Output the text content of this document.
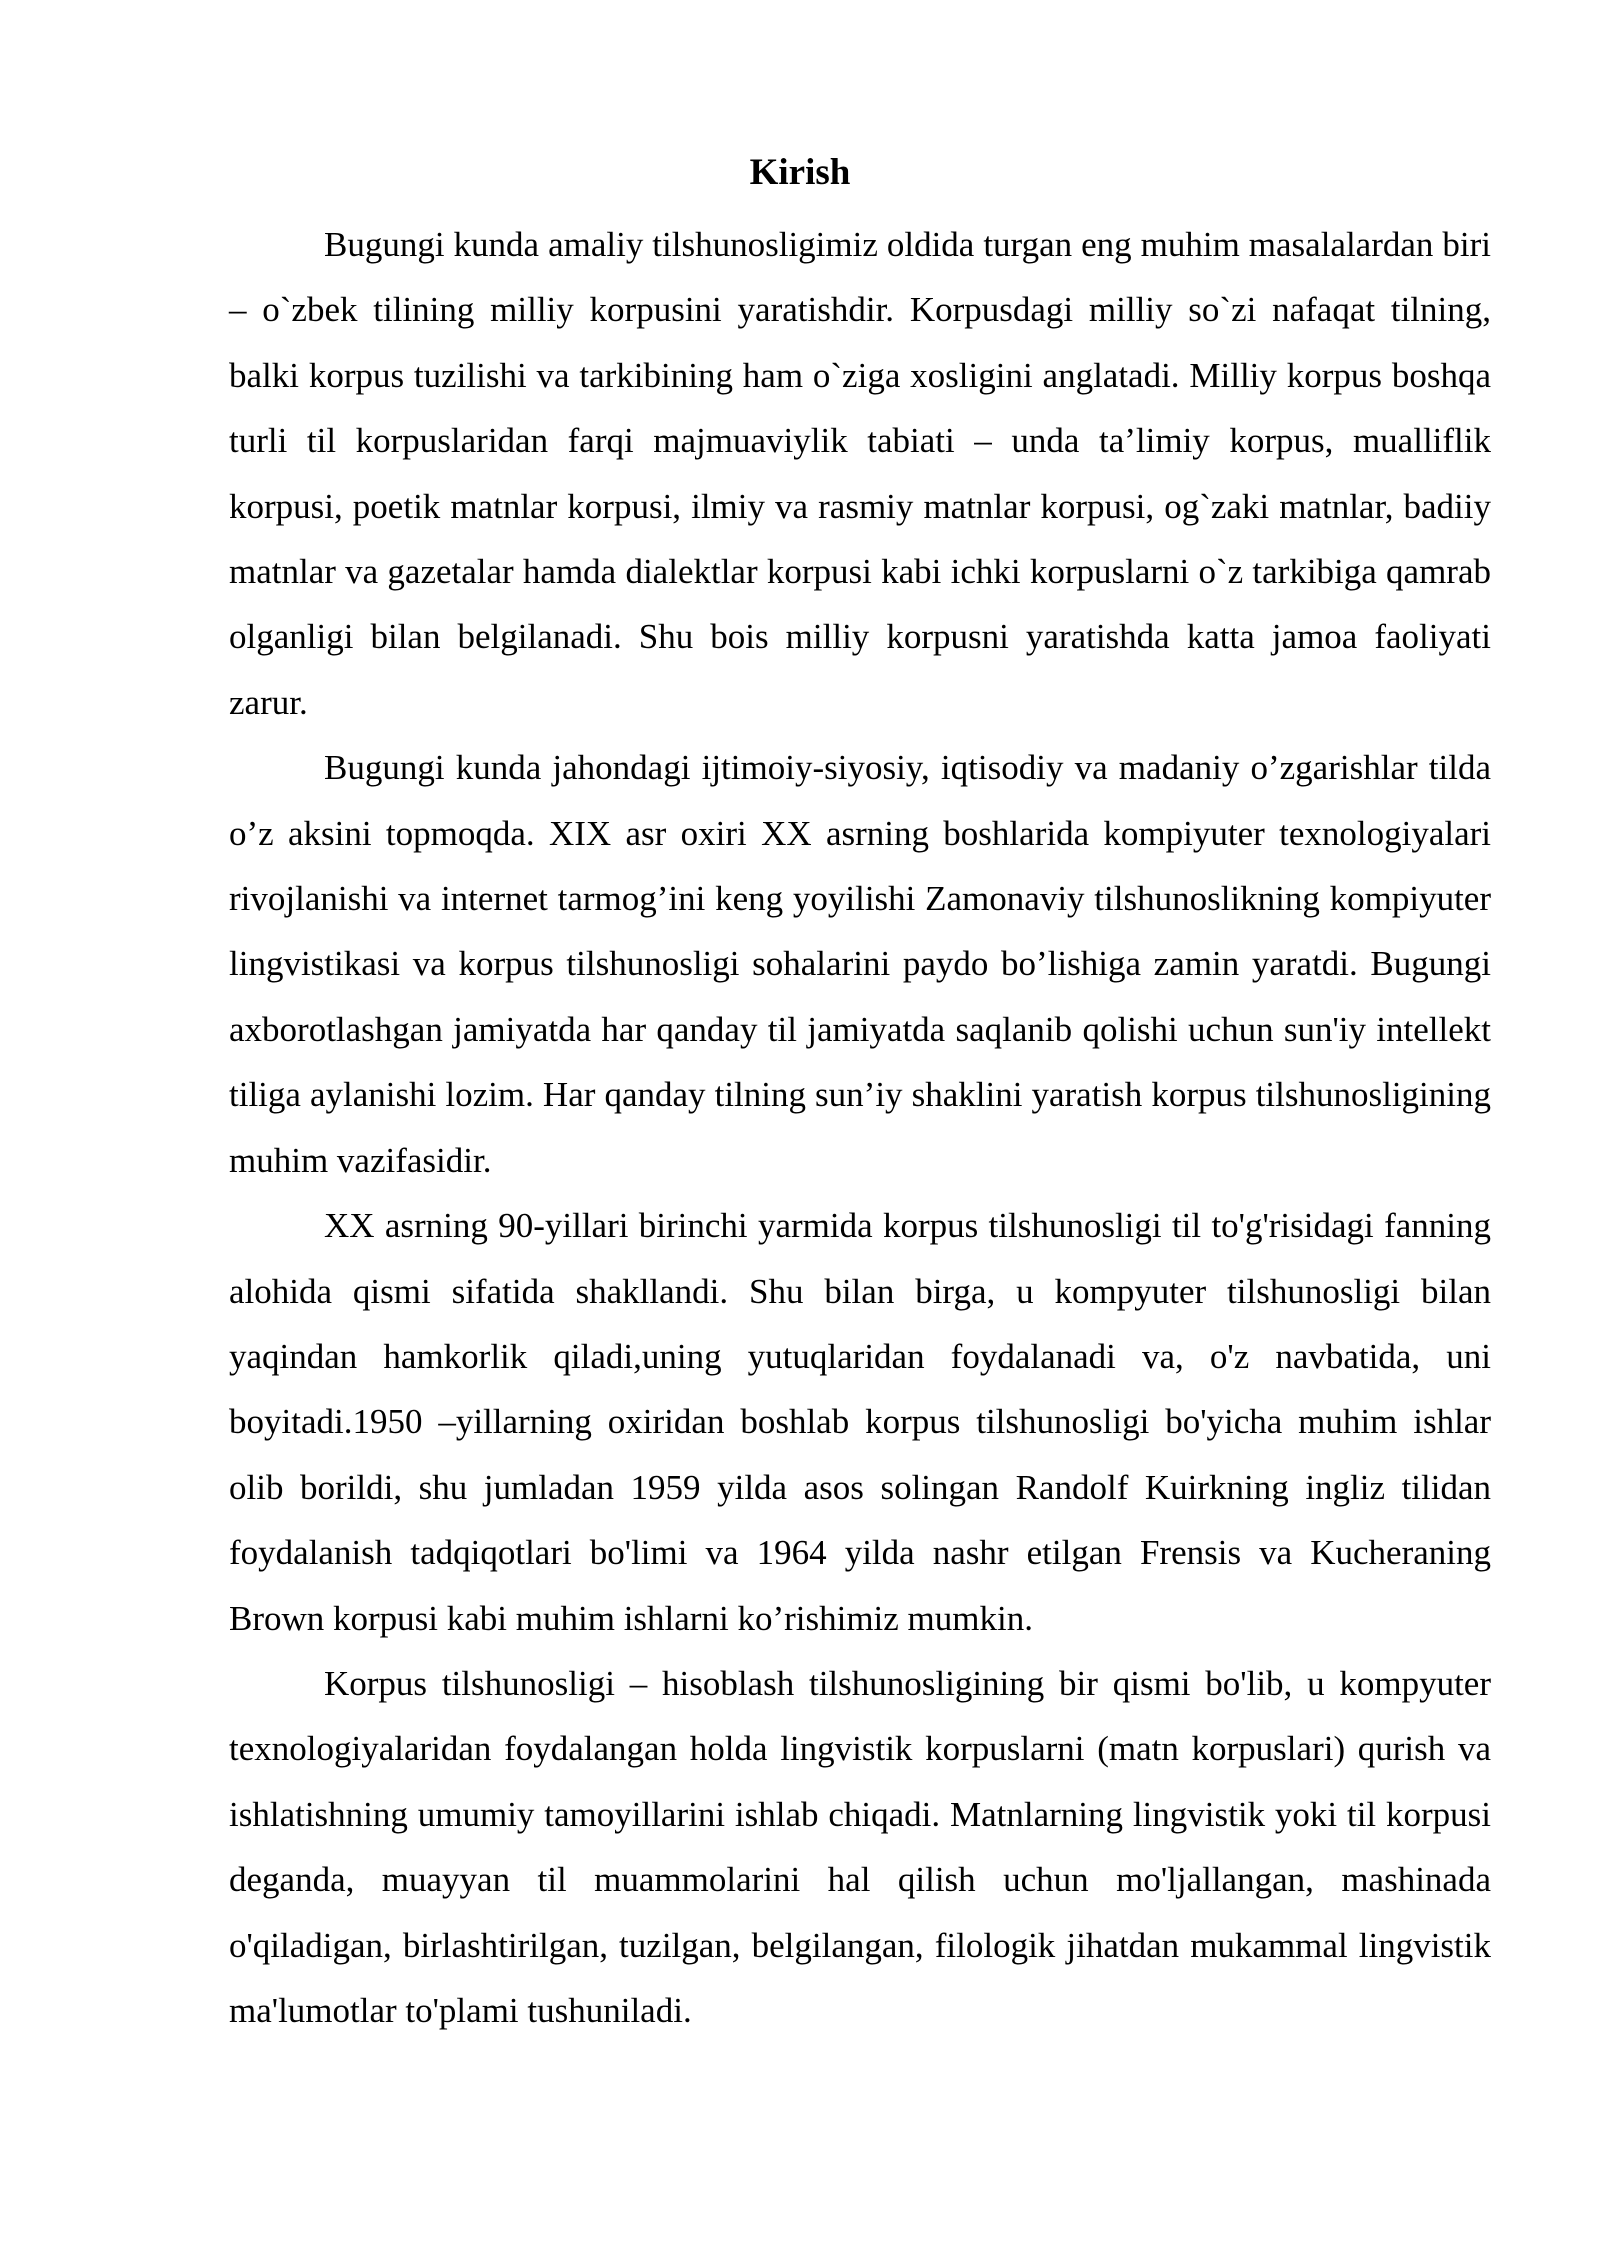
Kirish

Bugungi kunda amaliy tilshunosligimiz oldida turgan eng muhim masalalardan biri – o`zbek tilining milliy korpusini yaratishdir. Korpusdagi milliy so`zi nafaqat tilning, balki korpus tuzilishi va tarkibining ham o`ziga xosligini anglatadi. Milliy korpus boshqa turli til korpuslaridan farqi majmuaviylik tabiati – unda ta’limiy korpus, mualliflik korpusi, poetik matnlar korpusi, ilmiy va rasmiy matnlar korpusi, og`zaki matnlar, badiiy matnlar va gazetalar hamda dialektlar korpusi kabi ichki korpuslarni o`z tarkibiga qamrab olganligi bilan belgilanadi. Shu bois milliy korpusni yaratishda katta jamoa faoliyati zarur.

Bugungi kunda jahondagi ijtimoiy-siyosiy, iqtisodiy va madaniy o’zgarishlar tilda o’z aksini topmoqda. XIX asr oxiri XX asrning boshlarida kompiyuter texnologiyalari rivojlanishi va internet tarmog’ini keng yoyilishi Zamonaviy tilshunoslikning kompiyuter lingvistikasi va korpus tilshunosligi sohalarini paydo bo’lishiga zamin yaratdi. Bugungi axborotlashgan jamiyatda har qanday til jamiyatda saqlanib qolishi uchun sun'iy intellekt tiliga aylanishi lozim. Har qanday tilning sun’iy shaklini yaratish korpus tilshunosligining muhim vazifasidir.

XX asrning 90-yillari birinchi yarmida korpus tilshunosligi til to'g'risidagi fanning alohida qismi sifatida shakllandi. Shu bilan birga, u kompyuter tilshunosligi bilan yaqindan hamkorlik qiladi,uning yutuqlaridan foydalanadi va, o'z navbatida, uni boyitadi.1950 –yillarning oxiridan boshlab korpus tilshunosligi bo'yicha muhim ishlar olib borildi, shu jumladan 1959 yilda asos solingan Randolf Kuirkning ingliz tilidan foydalanish tadqiqotlari bo'limi va 1964 yilda nashr etilgan Frensis va Kucheraning Brown korpusi kabi muhim ishlarni ko’rishimiz mumkin.

Korpus tilshunosligi – hisoblash tilshunosligining bir qismi bo'lib, u kompyuter texnologiyalaridan foydalangan holda lingvistik korpuslarni (matn korpuslari) qurish va ishlatishning umumiy tamoyillarini ishlab chiqadi. Matnlarning lingvistik yoki til korpusi deganda, muayyan til muammolarini hal qilish uchun mo'ljallangan, mashinada o'qiladigan, birlashtirilgan, tuzilgan, belgilangan, filologik jihatdan mukammal lingvistik ma'lumotlar to'plami tushuniladi.
